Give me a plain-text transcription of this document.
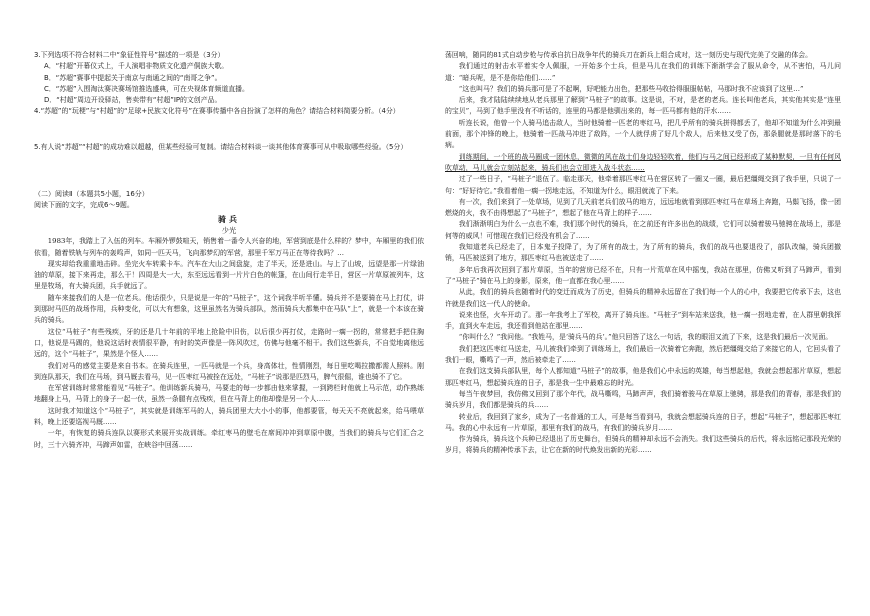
3.下列选项不符合材料二中“象征性符号”描述的一项是（3分）

A．“村超”开幕仪式上，千人演唱非物质文化遗产侗族大歌。

B．“苏超”赛事中提起关于南京与南通之间的“南哥之争”。

C．“苏超”入围淘汰赛决赛场馆推选盛典，可在央视体育频道直播。

D．“村超”周边开设驿站，售卖带有“村超”IP的文创产品。

4.“苏超”的“玩梗”与“村超”的“足球+民族文化符号”在赛事传播中各自扮演了怎样的角色？请结合材料简要分析。（4分）

5.有人说“苏超”“村超”的成功难以超越，但某些经验可复制。请结合材料谈一谈其他体育赛事可从中吸取哪些经验。（5分）

（二）阅读Ⅱ（本题共5小题，16分）

阅读下面的文字，完成6～9题。

骑兵

少光

1983年，我踏上了入伍的列车。车厢外锣鼓喧天，销售着一番令人兴奋的地，军营到底是什么样的？梦中，车厢里的我们依依看，随着铁轨与列车的轰鸣声，如同一匹天马，飞向那梦幻的军营，那里千军万马正在等待我吗？…

现实却给我重重地击碎。坐完火车转乘卡车。汽车在大山之间盘旋，走了半天，还是进山。与上了山坡，远望是那一片绿油油的草原，接下来再走，那么干！四周是大一大，东至远远看到一片片白色的帐篷，在山间行走半日，营区一片草原被列车，这里是牧场，有大骑兵团，兵手就远了。

随车来接我们的人是一位老兵。他话很少，只是说是一年的“马桩子”，这个词我半听半懂。骑兵并不是要骑在马上打仗，讲到那时马匹的战场作用，兵种变化，可以大有想象，这里虽然名为骑兵部队，然而骑兵大都集中在马队“上”，就是一个本该在骑兵的骑兵。

这位“马桩子”有些残疾，牙的还是几十年前的平地上抢险中旧伤，以后很少再打仗，走路时一瘸一拐的，常常把手把住胸口，他说是马踢的，他说这话时表情很平静，有时的笑声像是一阵风吹过，仿佛与他毫不相干。我们这些新兵，不自觉地离他远远的，这个“马桩子”，果然是个怪人……

我们对马的感觉主要是来自书本。在骑兵连里，一匹马就是一个兵，身高体壮，性情刚烈，每日里吃喝拉撒都需人照料。刚到连队那天，我们在马场，到马厩去看马，见一匹枣红马被拴在远处，“马桩子”说那是匹烈马，脾气很倔，谁也骑不了它。

在军营训练时常常能看见“马桩子”。他训练新兵骑马，马要走的每一步都由他来掌握，一到跨栏时他就上马示范，动作熟练地翻身上马，马背上的身子一起一伏，虽然一条腿有点残疾，但在马背上的他却像是另一个人……

这时我才知道这个“马桩子”，其实就是训练军马的人，骑兵团里大大小小的事，他都要管，每天天不亮就起来，给马喂草料，晚上还要巡视马厩……

一年，有恢复的骑兵连队以赛形式来展开实战训练。牵红枣马的壁毛在席间冲冲到草原中腹，当我们的骑兵与它们汇合之时，三十六骑齐冲，马蹄声如雷，在峡谷中回荡……

荡回响，随同的81式自动步枪与传承自抗日战争年代的骑兵刀在新兵上组合成对，这一刻历史与现代完美了交融的体会。

我们通过的射击水平着实令人佩服，一开始多个士兵，但是马儿在我们的训练下渐渐学会了服从命令，从不害怕，马儿问道：“暗兵呢，是不是你给他们……”

“这也叫马？我们的骑兵那可是了不起啊，好吧能力出色，把那些马收拾得服服帖帖，马那时我不应该到了这里…”

后来，我才陆陆续续地从老兵那里了解到“马桩子”的故事。这是说，不对，是老的老兵。连长叫他老兵，其实他其实是“连里的宝贝”，马到了他手里没有不听话的，连里的马都是他驯出来的，每一匹马都有他的汗水……

听连长说，他曾一个人骑马追击敌人，当时他骑着一匹老的枣红马，把几乎所有的骑兵拼得都丢了，他却不知道为什么冲到最前面，那个冲锋的晚上，他骑着一匹战马冲进了敌阵，一个人就俘虏了好几个敌人，后来他又受了伤，那条腿就是那时落下的毛病。

训练期间，一个班的战马圈成一团休息，微微的风在战士们身边轻轻吹着，他们与马之间已经形成了某种默契，一旦有任何风吹草动，马儿就会立刻站起来，骑兵们也会立即进入战斗状态……

过了一些日子，“马桩子”退伍了。临走那天，他牵着那匹枣红马在营区转了一圈又一圈，最后把缰绳交到了我手里，只说了一句：“好好待它。”我看着他一瘸一拐地走远，不知道为什么，眼泪就流了下来。

有一次，我们来到了一处草场，见到了几天前老兵们放马的地方，远远地就看到那匹枣红马在草场上奔跑，马鬃飞扬，像一团燃烧的火，我不由得想起了“马桩子”，想起了他在马背上的样子……

我们渐渐明白为什么一点也不难，我们那个时代的骑兵，在之前还有许多出色的战绩，它们可以骑着骏马驰骋在战场上，那是何等的威风！可惜现在我们已经没有机会了……

我知道老兵已经走了，日本鬼子投降了，为了所有的战士，为了所有的骑兵，我们的战马也要退役了，部队改编，骑兵团撤销，马匹被送到了地方，那匹枣红马也被送走了……

多年后我再次回到了那片草原，当年的营房已经不在，只有一片荒草在风中摇曳，我站在那里，仿佛又听到了马蹄声，看到了“马桩子”骑在马上的身影，原来，他一直都在我心里……

从此，我们的骑兵也随着时代的变迁而成为了历史，但骑兵的精神永远留在了我们每一个人的心中，我要把它传承下去，这也许就是我们这一代人的使命。

说来也怪，火车开动了。那一年我考上了军校，离开了骑兵连。“马桩子”到车站来送我，他一瘸一拐地走着，在人群里朝我挥手，直到火车走远，我还看到他站在那里……

“你叫什么？”我问他。“我姓马，是‘骑兵马的兵’。”他只回答了这么一句话，我的眼泪又流了下来，这是我们最后一次见面。

我们把这匹枣红马送走，马儿被我们牵到了训练场上，我们最后一次骑着它奔跑，然后把缰绳交给了来接它的人，它回头看了我们一眼，嘶鸣了一声，然后被牵走了……

在我们这支骑兵部队里，每个人都知道“马桩子”的故事，他是我们心中永远的英雄，每当想起他，我就会想起那片草原，想起那匹枣红马，想起骑兵连的日子，那是我一生中最难忘的时光。

每当午夜梦回，我仿佛又回到了那个年代，战马嘶鸣，马蹄声声，我们骑着骏马在草原上驰骋，那是我们的青春，那是我们的骑兵岁月，我们都是骑兵的兵……

转业后，我回到了家乡，成为了一名普通的工人，可是每当看到马，我就会想起骑兵连的日子，想起“马桩子”，想起那匹枣红马。我的心中永远有一片草原，那里有我们的战马，有我们的骑兵岁月……

作为骑兵，骑兵这个兵种已经退出了历史舞台，但骑兵的精神却永远不会消失。我们这些骑兵的后代，将永远铭记那段光荣的岁月，将骑兵的精神传承下去，让它在新的时代焕发出新的光彩……
